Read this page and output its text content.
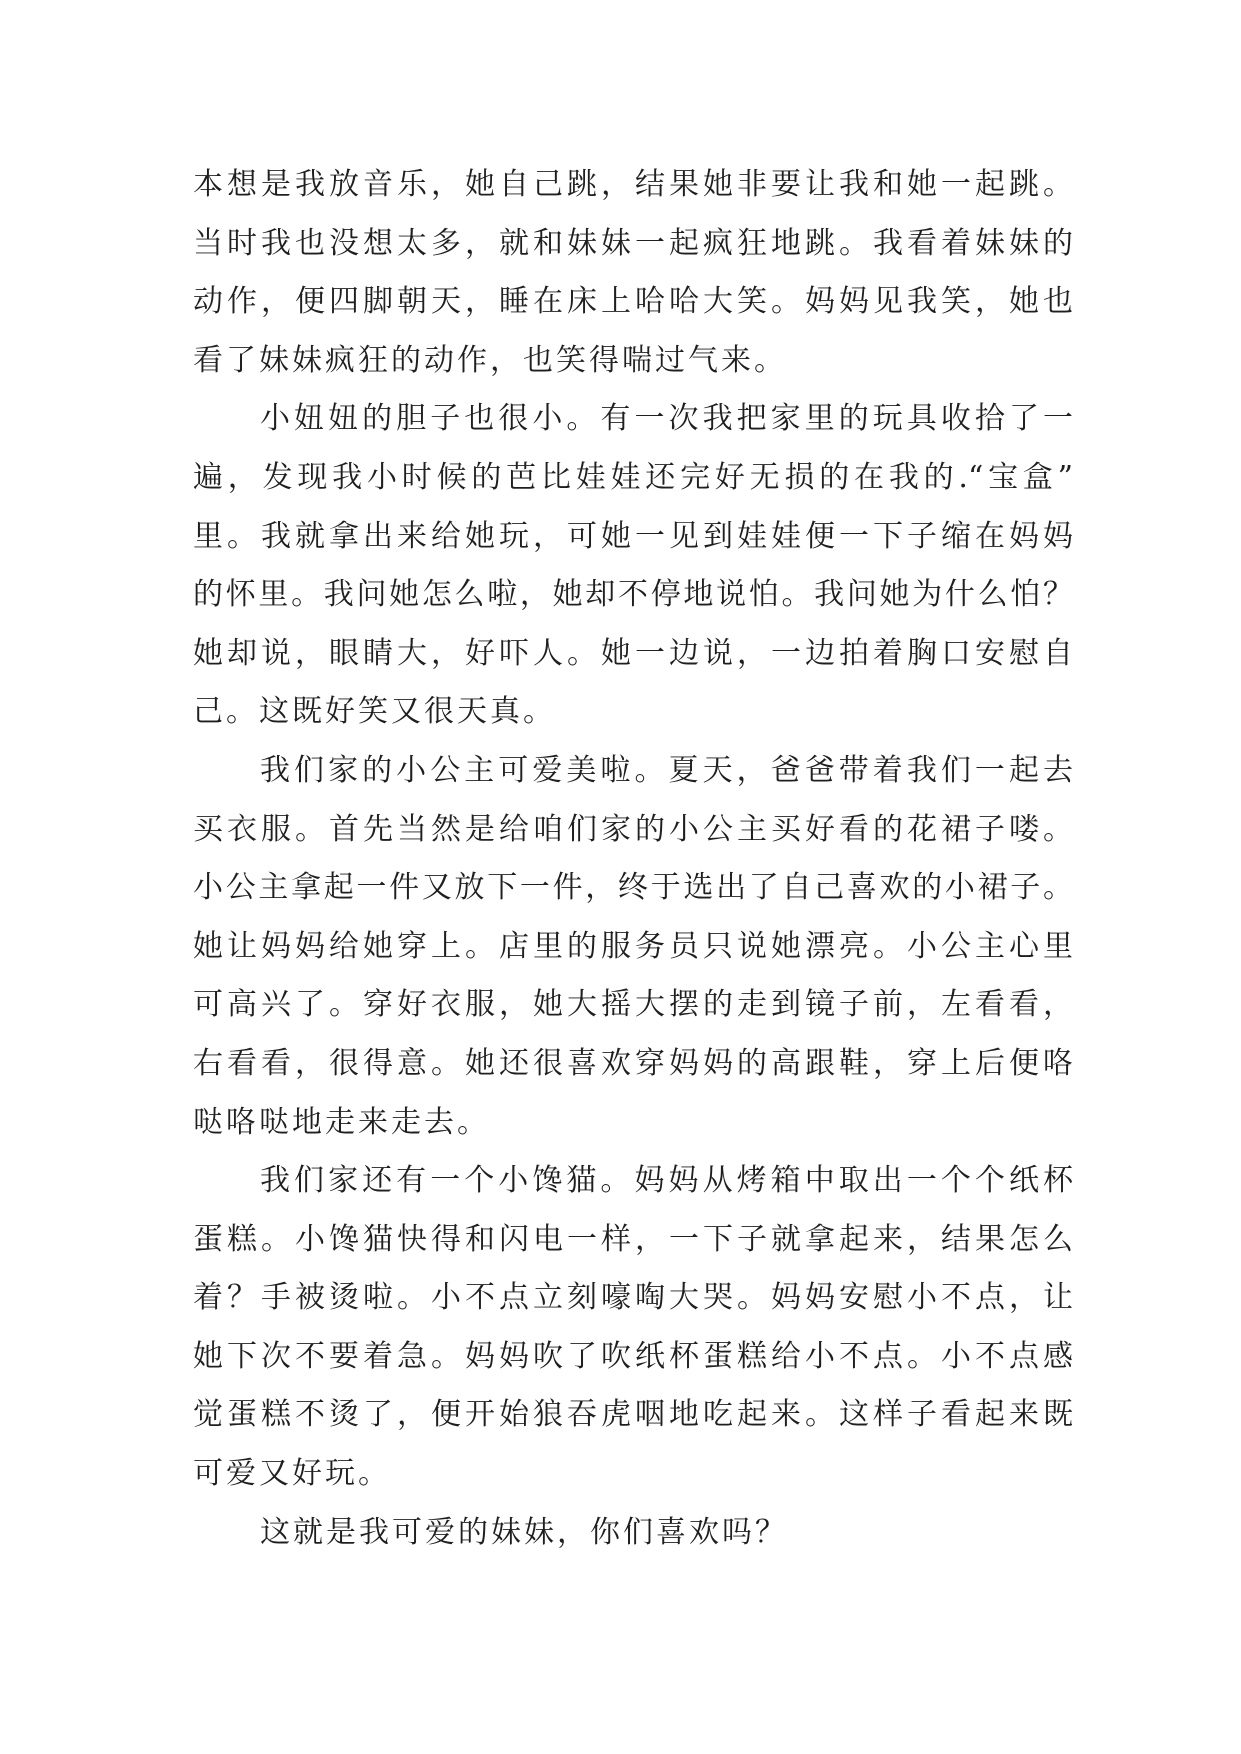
本想是我放音乐，她自己跳，结果她非要让我和她一起跳。
当时我也没想太多，就和妹妹一起疯狂地跳。我看着妹妹的
动作，便四脚朝天，睡在床上哈哈大笑。妈妈见我笑，她也
看了妹妹疯狂的动作，也笑得喘过气来。
小妞妞的胆子也很小。有一次我把家里的玩具收拾了一
遍，发现我小时候的芭比娃娃还完好无损的在我的.“宝盒”
里。我就拿出来给她玩，可她一见到娃娃便一下子缩在妈妈
的怀里。我问她怎么啦，她却不停地说怕。我问她为什么怕？
她却说，眼睛大，好吓人。她一边说，一边拍着胸口安慰自
己。这既好笑又很天真。
我们家的小公主可爱美啦。夏天，爸爸带着我们一起去
买衣服。首先当然是给咱们家的小公主买好看的花裙子喽。
小公主拿起一件又放下一件，终于选出了自己喜欢的小裙子。
她让妈妈给她穿上。店里的服务员只说她漂亮。小公主心里
可高兴了。穿好衣服，她大摇大摆的走到镜子前，左看看，
右看看，很得意。她还很喜欢穿妈妈的高跟鞋，穿上后便咯
哒咯哒地走来走去。
我们家还有一个小馋猫。妈妈从烤箱中取出一个个纸杯
蛋糕。小馋猫快得和闪电一样，一下子就拿起来，结果怎么
着？手被烫啦。小不点立刻嚎啕大哭。妈妈安慰小不点，让
她下次不要着急。妈妈吹了吹纸杯蛋糕给小不点。小不点感
觉蛋糕不烫了，便开始狼吞虎咽地吃起来。这样子看起来既
可爱又好玩。
这就是我可爱的妹妹，你们喜欢吗？
